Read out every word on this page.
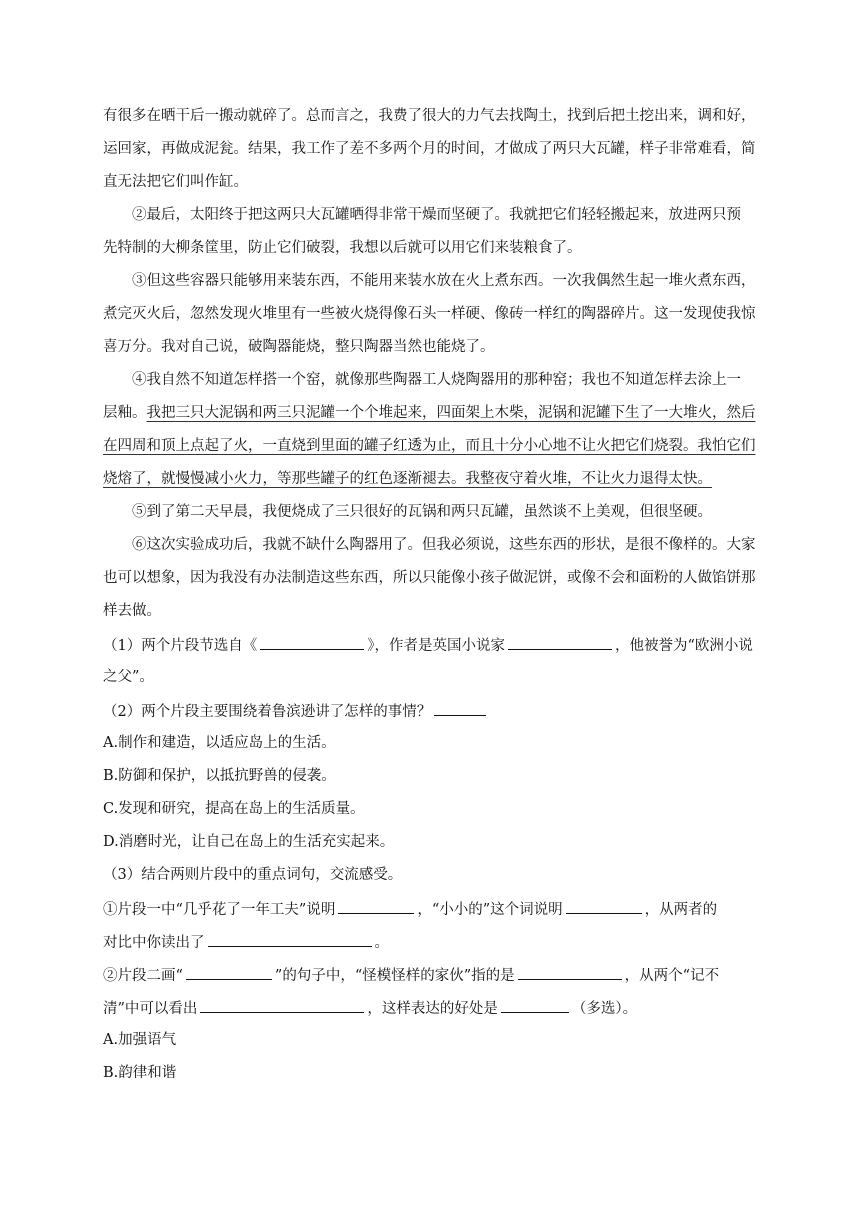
有很多在晒干后一搬动就碎了。总而言之，我费了很大的力气去找陶土，找到后把土挖出来，调和好，
运回家，再做成泥瓮。结果，我工作了差不多两个月的时间，才做成了两只大瓦罐，样子非常难看，简
直无法把它们叫作缸。
②最后，太阳终于把这两只大瓦罐晒得非常干燥而坚硬了。我就把它们轻轻搬起来，放进两只预
先特制的大柳条筐里，防止它们破裂，我想以后就可以用它们来装粮食了。
③但这些容器只能够用来装东西，不能用来装水放在火上煮东西。一次我偶然生起一堆火煮东西，
煮完灭火后，忽然发现火堆里有一些被火烧得像石头一样硬、像砖一样红的陶器碎片。这一发现使我惊
喜万分。我对自己说，破陶器能烧，整只陶器当然也能烧了。
④我自然不知道怎样搭一个窑，就像那些陶器工人烧陶器用的那种窑；我也不知道怎样去涂上一
层釉。我把三只大泥锅和两三只泥罐一个个堆起来，四面架上木柴，泥锅和泥罐下生了一大堆火，然后
在四周和顶上点起了火，一直烧到里面的罐子红透为止，而且十分小心地不让火把它们烧裂。我怕它们
烧熔了，就慢慢减小火力，等那些罐子的红色逐渐褪去。我整夜守着火堆，不让火力退得太快。
⑤到了第二天早晨，我便烧成了三只很好的瓦锅和两只瓦罐，虽然谈不上美观，但很坚硬。
⑥这次实验成功后，我就不缺什么陶器用了。但我必须说，这些东西的形状，是很不像样的。大家
也可以想象，因为我没有办法制造这些东西，所以只能像小孩子做泥饼，或像不会和面粉的人做馅饼那
样去做。
（1）两个片段节选自《	》，作者是英国小说家	，他被誉为“欧洲小说
之父”。
（2）两个片段主要围绕着鲁滨逊讲了怎样的事情？
A.制作和建造，以适应岛上的生活。
B.防御和保护，以抵抗野兽的侵袭。
C.发现和研究，提高在岛上的生活质量。
D.消磨时光，让自己在岛上的生活充实起来。
（3）结合两则片段中的重点词句，交流感受。
①片段一中“几乎花了一年工夫”说明	，“小小的”这个词说明	，从两者的
对比中你读出了	。
②片段二画“	”的句子中，“怪模怪样的家伙”指的是	，从两个“记不
清”中可以看出	，这样表达的好处是	（多选）。
A.加强语气
B.韵律和谐
